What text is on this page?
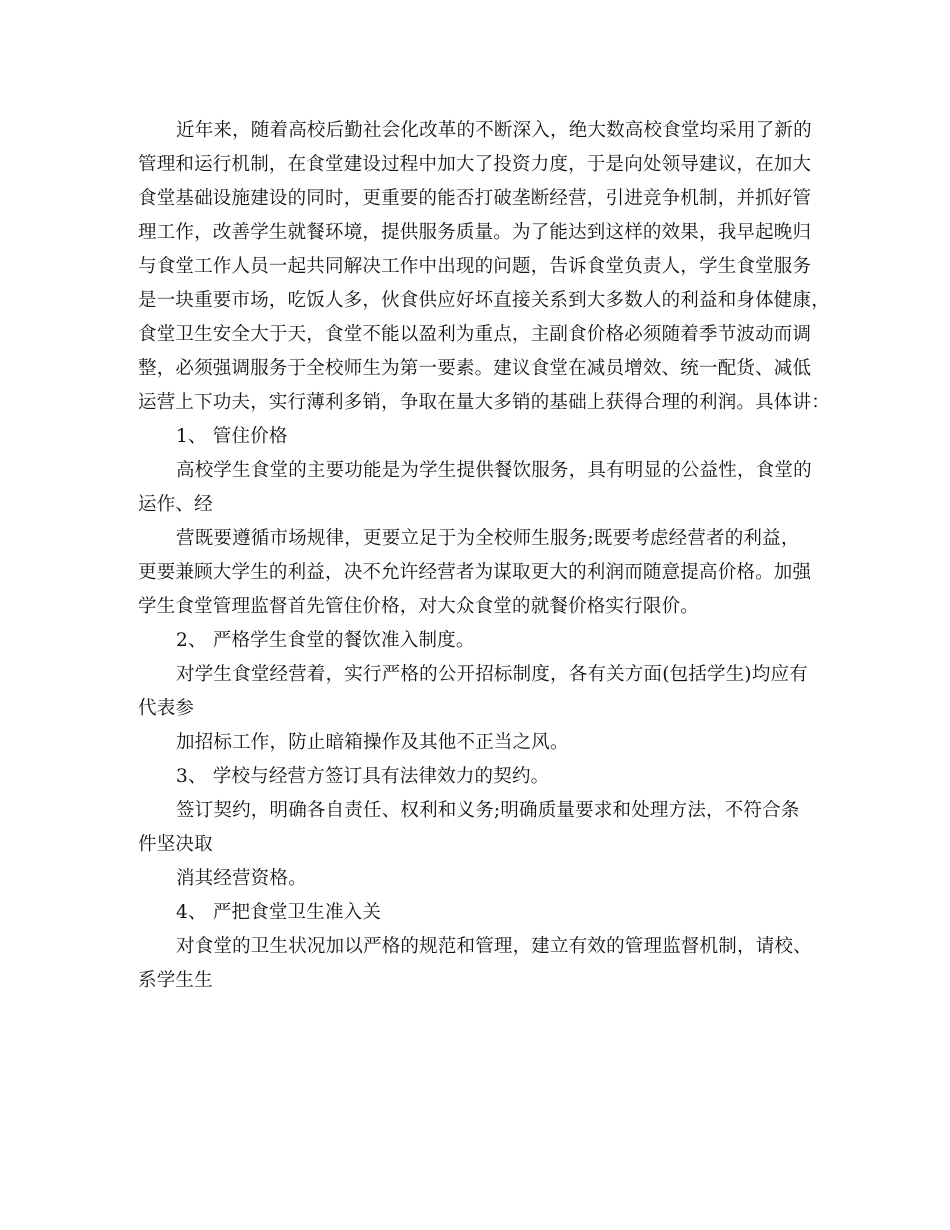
近年来，随着高校后勤社会化改革的不断深入，绝大数高校食堂均采用了新的
管理和运行机制，在食堂建设过程中加大了投资力度，于是向处领导建议，在加大
食堂基础设施建设的同时，更重要的能否打破垄断经营，引进竞争机制，并抓好管
理工作，改善学生就餐环境，提供服务质量。为了能达到这样的效果，我早起晚归
与食堂工作人员一起共同解决工作中出现的问题，告诉食堂负责人，学生食堂服务
是一块重要市场，吃饭人多，伙食供应好坏直接关系到大多数人的利益和身体健康，
食堂卫生安全大于天，食堂不能以盈利为重点，主副食价格必须随着季节波动而调
整，必须强调服务于全校师生为第一要素。建议食堂在减员增效、统一配货、减低
运营上下功夫，实行薄利多销，争取在量大多销的基础上获得合理的利润。具体讲：
1、 管住价格
高校学生食堂的主要功能是为学生提供餐饮服务，具有明显的公益性，食堂的
运作、经
营既要遵循市场规律，更要立足于为全校师生服务;既要考虑经营者的利益，
更要兼顾大学生的利益，决不允许经营者为谋取更大的利润而随意提高价格。加强
学生食堂管理监督首先管住价格，对大众食堂的就餐价格实行限价。
2、 严格学生食堂的餐饮准入制度。
对学生食堂经营着，实行严格的公开招标制度，各有关方面(包括学生)均应有
代表参
加招标工作，防止暗箱操作及其他不正当之风。
3、 学校与经营方签订具有法律效力的契约。
签订契约，明确各自责任、权利和义务;明确质量要求和处理方法，不符合条
件坚决取
消其经营资格。
4、 严把食堂卫生准入关
对食堂的卫生状况加以严格的规范和管理，建立有效的管理监督机制，请校、
系学生生
